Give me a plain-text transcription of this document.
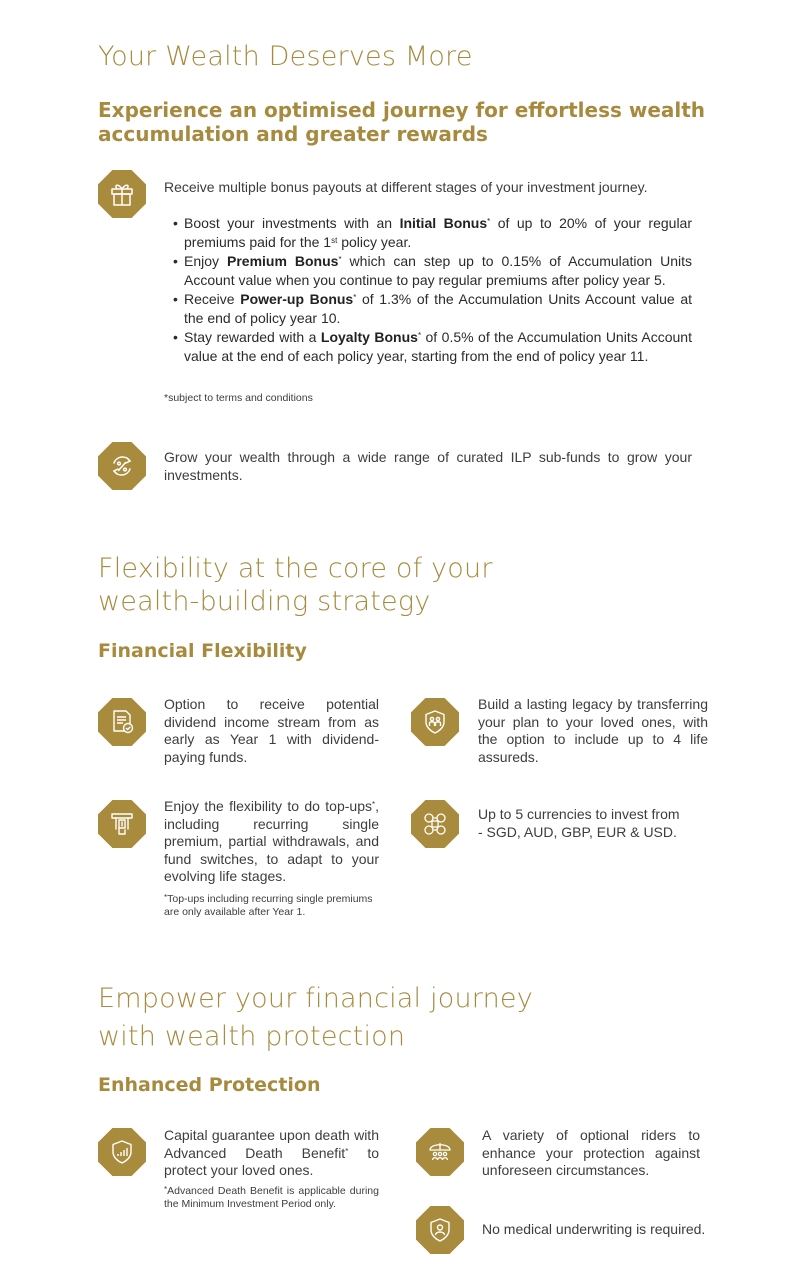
Your Wealth Deserves More
Experience an optimised journey for effortless wealth
accumulation and greater rewards
Receive multiple bonus payouts at different stages of your investment journey.
• Boost your investments with an Initial Bonus* of up to 20% of your regular premiums paid for the 1st policy year.
• Enjoy Premium Bonus* which can step up to 0.15% of Accumulation Units Account value when you continue to pay regular premiums after policy year 5.
• Receive Power-up Bonus* of 1.3% of the Accumulation Units Account value at the end of policy year 10.
• Stay rewarded with a Loyalty Bonus* of 0.5% of the Accumulation Units Account value at the end of each policy year, starting from the end of policy year 11.
*subject to terms and conditions
Grow your wealth through a wide range of curated ILP sub-funds to grow your investments.
Flexibility at the core of your
wealth-building strategy
Financial Flexibility
Option to receive potential dividend income stream from as early as Year 1 with dividend-paying funds.
Build a lasting legacy by transferring your plan to your loved ones, with the option to include up to 4 life assureds.
Enjoy the flexibility to do top-ups*, including recurring single premium, partial withdrawals, and fund switches, to adapt to your evolving life stages.
*Top-ups including recurring single premiums are only available after Year 1.
Up to 5 currencies to invest from
- SGD, AUD, GBP, EUR & USD.
Empower your financial journey
with wealth protection
Enhanced Protection
Capital guarantee upon death with Advanced Death Benefit* to protect your loved ones.
*Advanced Death Benefit is applicable during the Minimum Investment Period only.
A variety of optional riders to enhance your protection against unforeseen circumstances.
No medical underwriting is required.
